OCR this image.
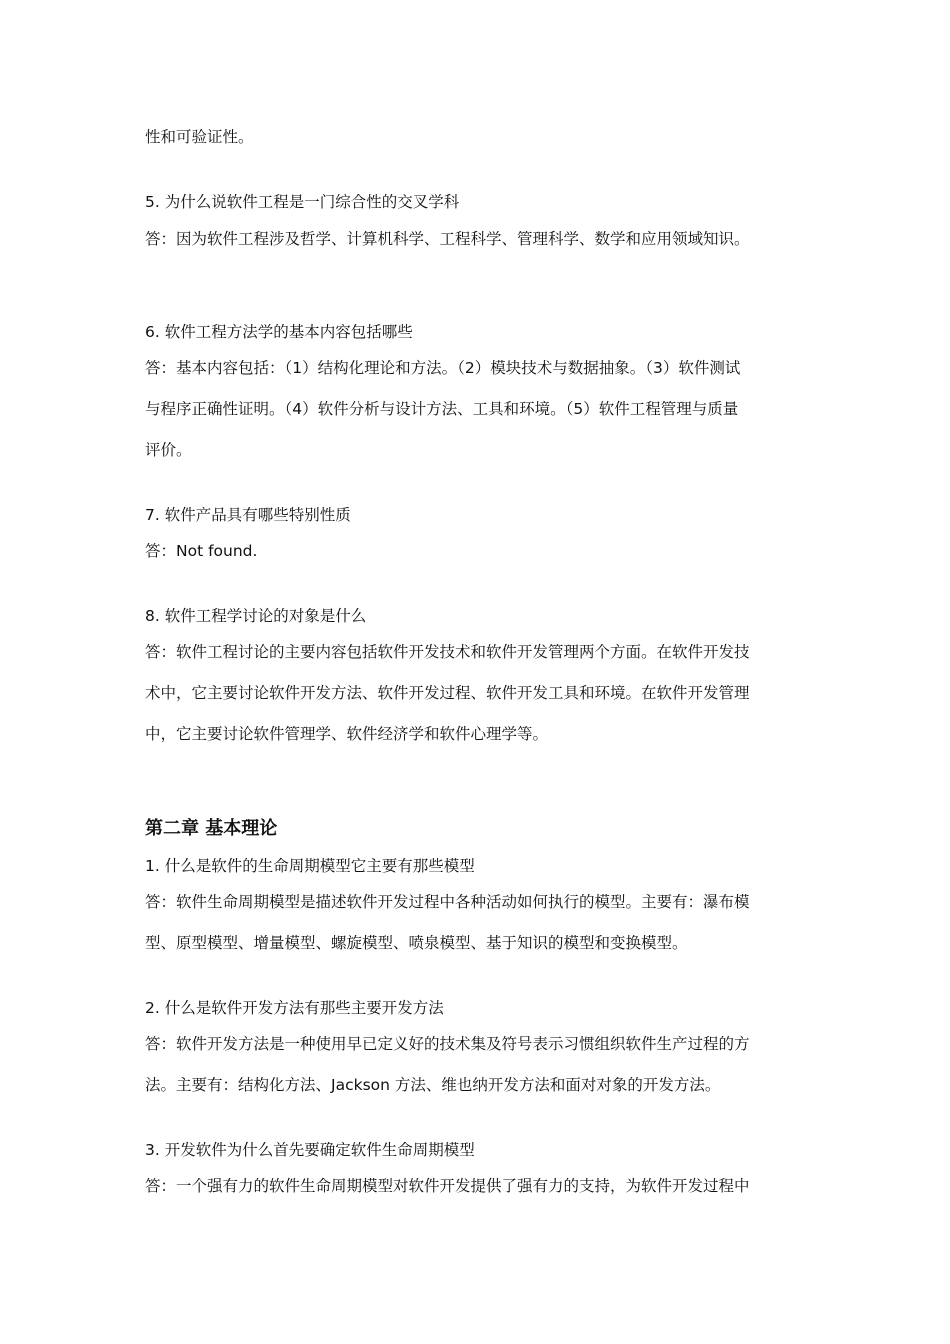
性和可验证性。
5. 为什么说软件工程是一门综合性的交叉学科
答：因为软件工程涉及哲学、计算机科学、工程科学、管理科学、数学和应用领域知识。
6. 软件工程方法学的基本内容包括哪些
答：基本内容包括：（1）结构化理论和方法。（2）模块技术与数据抽象。（3）软件测试
与程序正确性证明。（4）软件分析与设计方法、工具和环境。（5）软件工程管理与质量
评价。
7. 软件产品具有哪些特别性质
答：Not found.
8. 软件工程学讨论的对象是什么
答：软件工程讨论的主要内容包括软件开发技术和软件开发管理两个方面。在软件开发技
术中，它主要讨论软件开发方法、软件开发过程、软件开发工具和环境。在软件开发管理
中，它主要讨论软件管理学、软件经济学和软件心理学等。
第二章 基本理论
1. 什么是软件的生命周期模型它主要有那些模型
答：软件生命周期模型是描述软件开发过程中各种活动如何执行的模型。主要有：瀑布模
型、原型模型、增量模型、螺旋模型、喷泉模型、基于知识的模型和变换模型。
2. 什么是软件开发方法有那些主要开发方法
答：软件开发方法是一种使用早已定义好的技术集及符号表示习惯组织软件生产过程的方
法。主要有：结构化方法、Jackson 方法、维也纳开发方法和面对对象的开发方法。
3. 开发软件为什么首先要确定软件生命周期模型
答：一个强有力的软件生命周期模型对软件开发提供了强有力的支持，为软件开发过程中
